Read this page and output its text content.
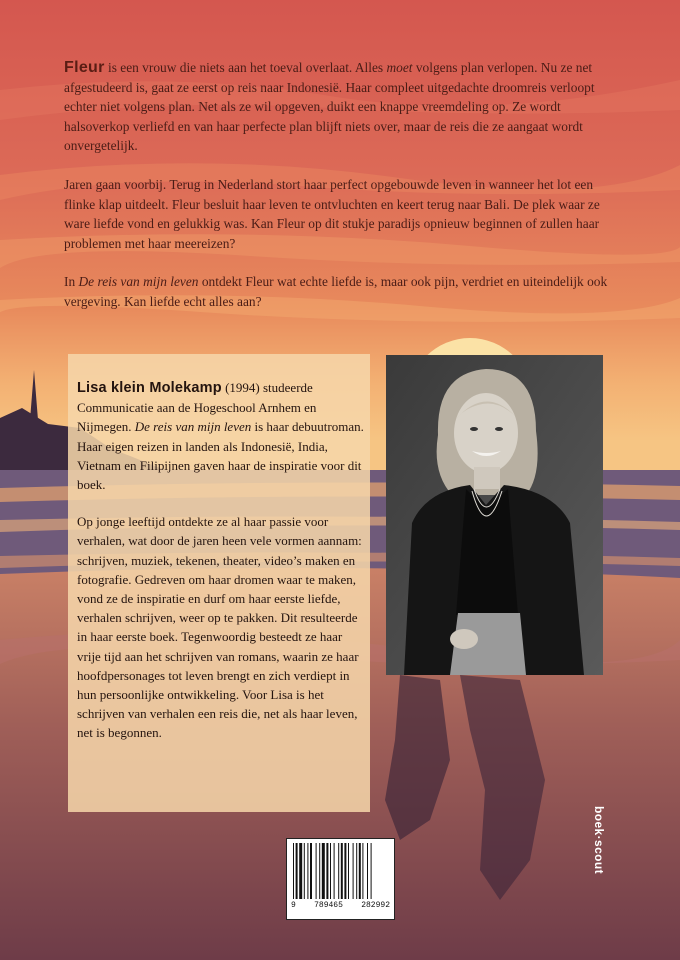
Fleur is een vrouw die niets aan het toeval overlaat. Alles moet volgens plan verlopen. Nu ze net afgestudeerd is, gaat ze eerst op reis naar Indonesië. Haar compleet uitgedachte droomreis verloopt echter niet volgens plan. Net als ze wil opgeven, duikt een knappe vreemdeling op. Ze wordt halsoverkop verliefd en van haar perfecte plan blijft niets over, maar de reis die ze aangaat wordt onvergetelijk.

Jaren gaan voorbij. Terug in Nederland stort haar perfect opgebouwde leven in wanneer het lot een flinke klap uitdeelt. Fleur besluit haar leven te ontvluchten en keert terug naar Bali. De plek waar ze ware liefde vond en gelukkig was. Kan Fleur op dit stukje paradijs opnieuw beginnen of zullen haar problemen met haar meereizen?

In De reis van mijn leven ontdekt Fleur wat echte liefde is, maar ook pijn, verdriet en uiteindelijk ook vergeving. Kan liefde echt alles aan?

Lisa klein Molekamp (1994) studeerde Communicatie aan de Hogeschool Arnhem en Nijmegen. De reis van mijn leven is haar debuutroman. Haar eigen reizen in landen als Indonesië, India, Vietnam en Filipijnen gaven haar de inspiratie voor dit boek.

Op jonge leeftijd ontdekte ze al haar passie voor verhalen, wat door de jaren heen vele vormen aannam: schrijven, muziek, tekenen, theater, video’s maken en fotografie. Gedreven om haar dromen waar te maken, vond ze de inspiratie en durf om haar eerste liefde, verhalen schrijven, weer op te pakken. Dit resulteerde in haar eerste boek. Tegenwoordig besteedt ze haar vrije tijd aan het schrijven van romans, waarin ze haar hoofdpersonages tot leven brengt en zich verdiept in hun persoonlijke ontwikkeling. Voor Lisa is het schrijven van verhalen een reis die, net als haar leven, net is begonnen.

9 789465 282992
boek·scout
